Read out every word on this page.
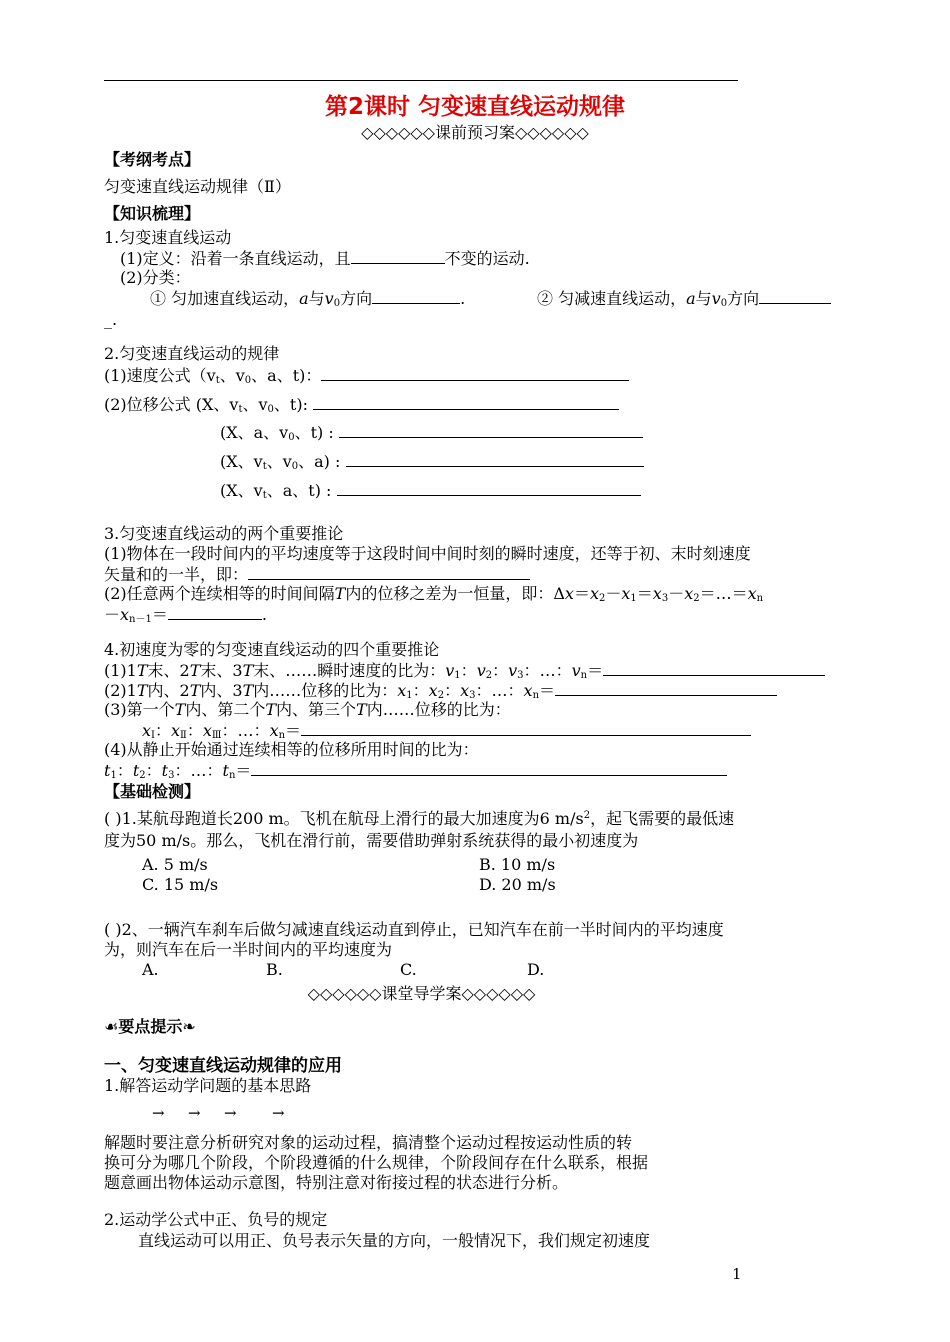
第2课时 匀变速直线运动规律
◇◇◇◇◇◇课前预习案◇◇◇◇◇◇
【考纲考点】
匀变速直线运动规律（Ⅱ）
【知识梳理】
1.匀变速直线运动
(1)定义：沿着一条直线运动，且	不变的运动.
(2)分类：
① 匀加速直线运动，a与$v_0$方向	.	② 匀减速直线运动，a与$v_0$方向
_.
2.匀变速直线运动的规律
(1)速度公式（$v_t$、$v_0$、a、t)：
(2)位移公式 (X、$v_t$、$v_0$、t):
(X、a、$v_0$、t) :
(X、$v_t$、$v_0$、a) :
(X、$v_t$、a、t) :
3.匀变速直线运动的两个重要推论
(1)物体在一段时间内的平均速度等于这段时间中间时刻的瞬时速度，还等于初、末时刻速度
矢量和的一半，即：
(2)任意两个连续相等的时间间隔T内的位移之差为一恒量，即：$\Delta x=x_2-x_1=x_3-x_2=\dots=x_n$
$-x_{n-1}=$	.
4.初速度为零的匀变速直线运动的四个重要推论
(1)1T末、2T末、3T末、……瞬时速度的比为：$v_1$：$v_2$：$v_3$：…：$v_n=$
(2)1T内、2T内、3T内……位移的比为：$x_1$：$x_2$：$x_3$：…：$x_n=$
(3)第一个T内、第二个T内、第三个T内……位移的比为：
$x_Ⅰ$：$x_Ⅱ$：$x_Ⅲ$：…：$x_n=$
(4)从静止开始通过连续相等的位移所用时间的比为：
$t_1$：$t_2$：$t_3$：…：$t_n=$
【基础检测】
( )1.某航母跑道长200 m。飞机在航母上滑行的最大加速度为6 $m/s^2$，起飞需要的最低速
度为50 m/s。那么，飞机在滑行前，需要借助弹射系统获得的最小初速度为
A. 5 m/s	B. 10 m/s
C. 15 m/s	D. 20 m/s
( )2、一辆汽车刹车后做匀减速直线运动直到停止，已知汽车在前一半时间内的平均速度
为，则汽车在后一半时间内的平均速度为
A.	B.	C.	D.
◇◇◇◇◇◇课堂导学案◇◇◇◇◇◇
☙要点提示❧
一、匀变速直线运动规律的应用
1.解答运动学问题的基本思路
→ → → →
解题时要注意分析研究对象的运动过程，搞清整个运动过程按运动性质的转
换可分为哪几个阶段，个阶段遵循的什么规律，个阶段间存在什么联系，根据
题意画出物体运动示意图，特别注意对衔接过程的状态进行分析。
2.运动学公式中正、负号的规定
直线运动可以用正、负号表示矢量的方向，一般情况下，我们规定初速度
1
